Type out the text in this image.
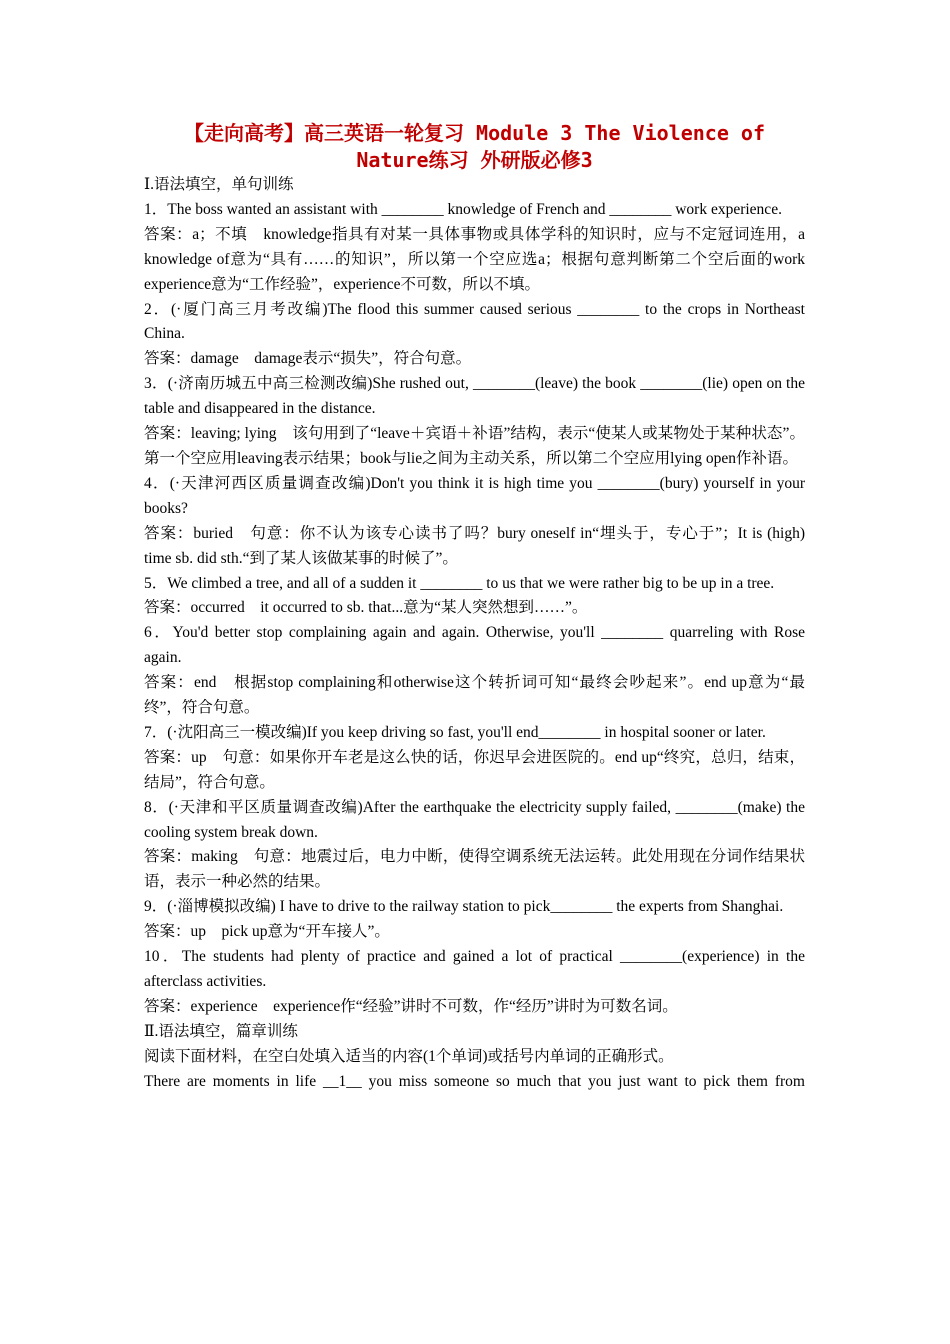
【走向高考】高三英语一轮复习 Module 3 The Violence of
Nature练习 外研版必修3

Ⅰ.语法填空，单句训练

1．The boss wanted an assistant with ________ knowledge of French and ________ work experience.

答案：a；不填　knowledge指具有对某一具体事物或具体学科的知识时，应与不定冠词连用，a knowledge of意为“具有……的知识”，所以第一个空应选a；根据句意判断第二个空后面的work experience意为“工作经验”，experience不可数，所以不填。

2．(·厦门高三月考改编)The flood this summer caused serious ________ to the crops in Northeast China.

答案：damage　damage表示“损失”，符合句意。

3．(·济南历城五中高三检测改编)She rushed out, ________(leave) the book ________(lie) open on the table and disappeared in the distance.

答案：leaving; lying　该句用到了“leave＋宾语＋补语”结构，表示“使某人或某物处于某种状态”。第一个空应用leaving表示结果；book与lie之间为主动关系，所以第二个空应用lying open作补语。

4．(·天津河西区质量调查改编)Don't you think it is high time you ________(bury) yourself in your books?

答案：buried　句意：你不认为该专心读书了吗？bury oneself in“埋头于，专心于”；It is (high) time sb. did sth.“到了某人该做某事的时候了”。

5．We climbed a tree, and all of a sudden it ________ to us that we were rather big to be up in a tree.

答案：occurred　it occurred to sb. that...意为“某人突然想到……”。

6．You'd better stop complaining again and again. Otherwise, you'll ________ quarreling with Rose again.

答案：end　根据stop complaining和otherwise这个转折词可知“最终会吵起来”。end up意为“最终”，符合句意。

7．(·沈阳高三一模改编)If you keep driving so fast, you'll end________ in hospital sooner or later.

答案：up　句意：如果你开车老是这么快的话，你迟早会进医院的。end up“终究，总归，结束，结局”，符合句意。

8．(·天津和平区质量调查改编)After the earthquake the electricity supply failed, ________(make) the cooling system break down.

答案：making　句意：地震过后，电力中断，使得空调系统无法运转。此处用现在分词作结果状语，表示一种必然的结果。

9．(·淄博模拟改编) I have to drive to the railway station to pick________ the experts from Shanghai.

答案：up　pick up意为“开车接人”。

10．The students had plenty of practice and gained a lot of practical ________(experience) in the afterclass activities.

答案：experience　experience作“经验”讲时不可数，作“经历”讲时为可数名词。

Ⅱ.语法填空，篇章训练

阅读下面材料，在空白处填入适当的内容(1个单词)或括号内单词的正确形式。

There are moments in life __1__ you miss someone so much that you just want to pick them from
